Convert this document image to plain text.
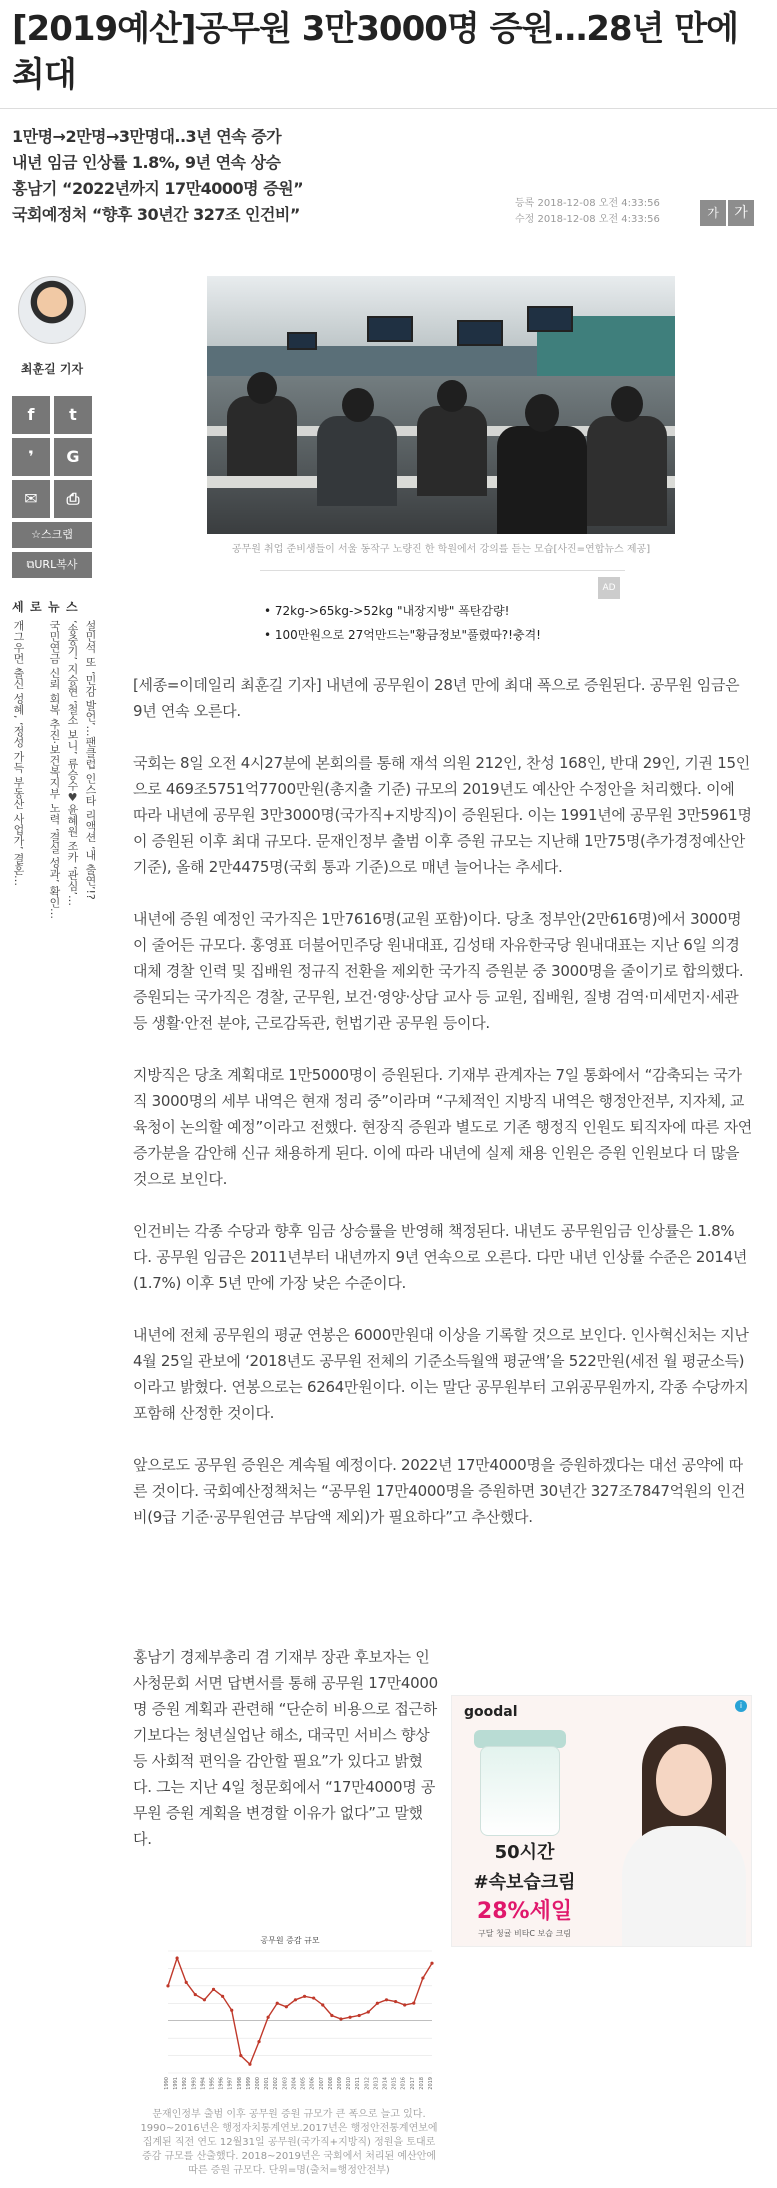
[2019예산]공무원 3만3000명 증원…28년 만에 최대
1만명→2만명→3만명대..3년 연속 증가
내년 임금 인상률 1.8%, 9년 연속 상승
홍남기 “2022년까지 17만4000명 증원”
국회예정처 “향후 30년간 327조 인건비”
등록 2018-12-08 오전 4:33:56
수정 2018-12-08 오전 4:33:56	가	가
최훈길 기자
f	t
❜	G
✉	⎙
☆스크랩
⧉URL복사
설민석 또 ‘민감 발언’…팬클럽 인스타 리액션 ‘내 출연’!?
‘송중기’ 지승현 ‘철소 보니’ 류승수♥윤혜원 조카 ‘관심’…
국민연금 신뢰 회복 추진·보건복지부 노력 ‘결실 성과’ 확인…
개그우먼 출신 성혜, ‘정성 가득 부동산 사업가’ 결혼…
세 로 뉴 스
공무원 취업 준비생들이 서울 동작구 노량진 한 학원에서 강의를 듣는 모습[사진=연합뉴스 제공]
AD
• 72kg->65kg->52kg "내장지방" 폭탄감량!
• 100만원으로 27억만드는"황금정보"풀렸따?!충격!

[세종=이데일리 최훈길 기자] 내년에 공무원이 28년 만에 최대 폭으로 증원된다. 공무원 임금은 9년 연속 오른다.

국회는 8일 오전 4시27분에 본회의를 통해 재석 의원 212인, 찬성 168인, 반대 29인, 기권 15인으로 469조5751억7700만원(총지출 기준) 규모의 2019년도 예산안 수정안을 처리했다. 이에 따라 내년에 공무원 3만3000명(국가직+지방직)이 증원된다. 이는 1991년에 공무원 3만5961명이 증원된 이후 최대 규모다. 문재인정부 출범 이후 증원 규모는 지난해 1만75명(추가경정예산안 기준), 올해 2만4475명(국회 통과 기준)으로 매년 늘어나는 추세다.

내년에 증원 예정인 국가직은 1만7616명(교원 포함)이다. 당초 정부안(2만616명)에서 3000명이 줄어든 규모다. 홍영표 더불어민주당 원내대표, 김성태 자유한국당 원내대표는 지난 6일 의경대체 경찰 인력 및 집배원 정규직 전환을 제외한 국가직 증원분 중 3000명을 줄이기로 합의했다. 증원되는 국가직은 경찰, 군무원, 보건·영양·상담 교사 등 교원, 집배원, 질병 검역·미세먼지·세관 등 생활·안전 분야, 근로감독관, 헌법기관 공무원 등이다.

지방직은 당초 계획대로 1만5000명이 증원된다. 기재부 관계자는 7일 통화에서 “감축되는 국가직 3000명의 세부 내역은 현재 정리 중”이라며 “구체적인 지방직 내역은 행정안전부, 지자체, 교육청이 논의할 예정”이라고 전했다. 현장직 증원과 별도로 기존 행정직 인원도 퇴직자에 따른 자연증가분을 감안해 신규 채용하게 된다. 이에 따라 내년에 실제 채용 인원은 증원 인원보다 더 많을 것으로 보인다.

인건비는 각종 수당과 향후 임금 상승률을 반영해 책정된다. 내년도 공무원임금 인상률은 1.8%다. 공무원 임금은 2011년부터 내년까지 9년 연속으로 오른다. 다만 내년 인상률 수준은 2014년(1.7%) 이후 5년 만에 가장 낮은 수준이다.

내년에 전체 공무원의 평균 연봉은 6000만원대 이상을 기록할 것으로 보인다. 인사혁신처는 지난 4월 25일 관보에 ‘2018년도 공무원 전체의 기준소득월액 평균액’을 522만원(세전 월 평균소득)이라고 밝혔다. 연봉으로는 6264만원이다. 이는 말단 공무원부터 고위공무원까지, 각종 수당까지 포함해 산정한 것이다.

앞으로도 공무원 증원은 계속될 예정이다. 2022년 17만4000명을 증원하겠다는 대선 공약에 따른 것이다. 국회예산정책처는 “공무원 17만4000명을 증원하면 30년간 327조7847억원의 인건비(9급 기준·공무원연금 부담액 제외)가 필요하다”고 추산했다.

홍남기 경제부총리 겸 기재부 장관 후보자는 인사청문회 서면 답변서를 통해 공무원 17만4000명 증원 계획과 관련해 “단순히 비용으로 접근하기보다는 청년실업난 해소, 대국민 서비스 향상 등 사회적 편익을 감안할 필요”가 있다고 밝혔다. 그는 지난 4일 청문회에서 “17만4000명 공무원 증원 계획을 변경할 이유가 없다”고 말했다.

goodal	i
50시간
#속보습크림
28%세일
구달 청귤 비타C 보습 크림
공무원 증감 규모
1990 1991 1992 1993 1994 1995 1996 1997 1998 1999 2000 2001 2002 2003 2004 2005 2006 2007 2008 2009 2010 2011 2012 2013 2014 2015 2016 2017 2018 2019
문재인정부 출범 이후 공무원 증원 규모가 큰 폭으로 늘고 있다. 1990~2016년은 행정자치통계연보.2017년은 행정안전통계연보에 집계된 직전 연도 12월31일 공무원(국가직+지방직) 정원을 토대로 증감 규모를 산출했다. 2018~2019년은 국회에서 처리된 예산안에 따른 증원 규모다. 단위=명(출처=행정안전부)
